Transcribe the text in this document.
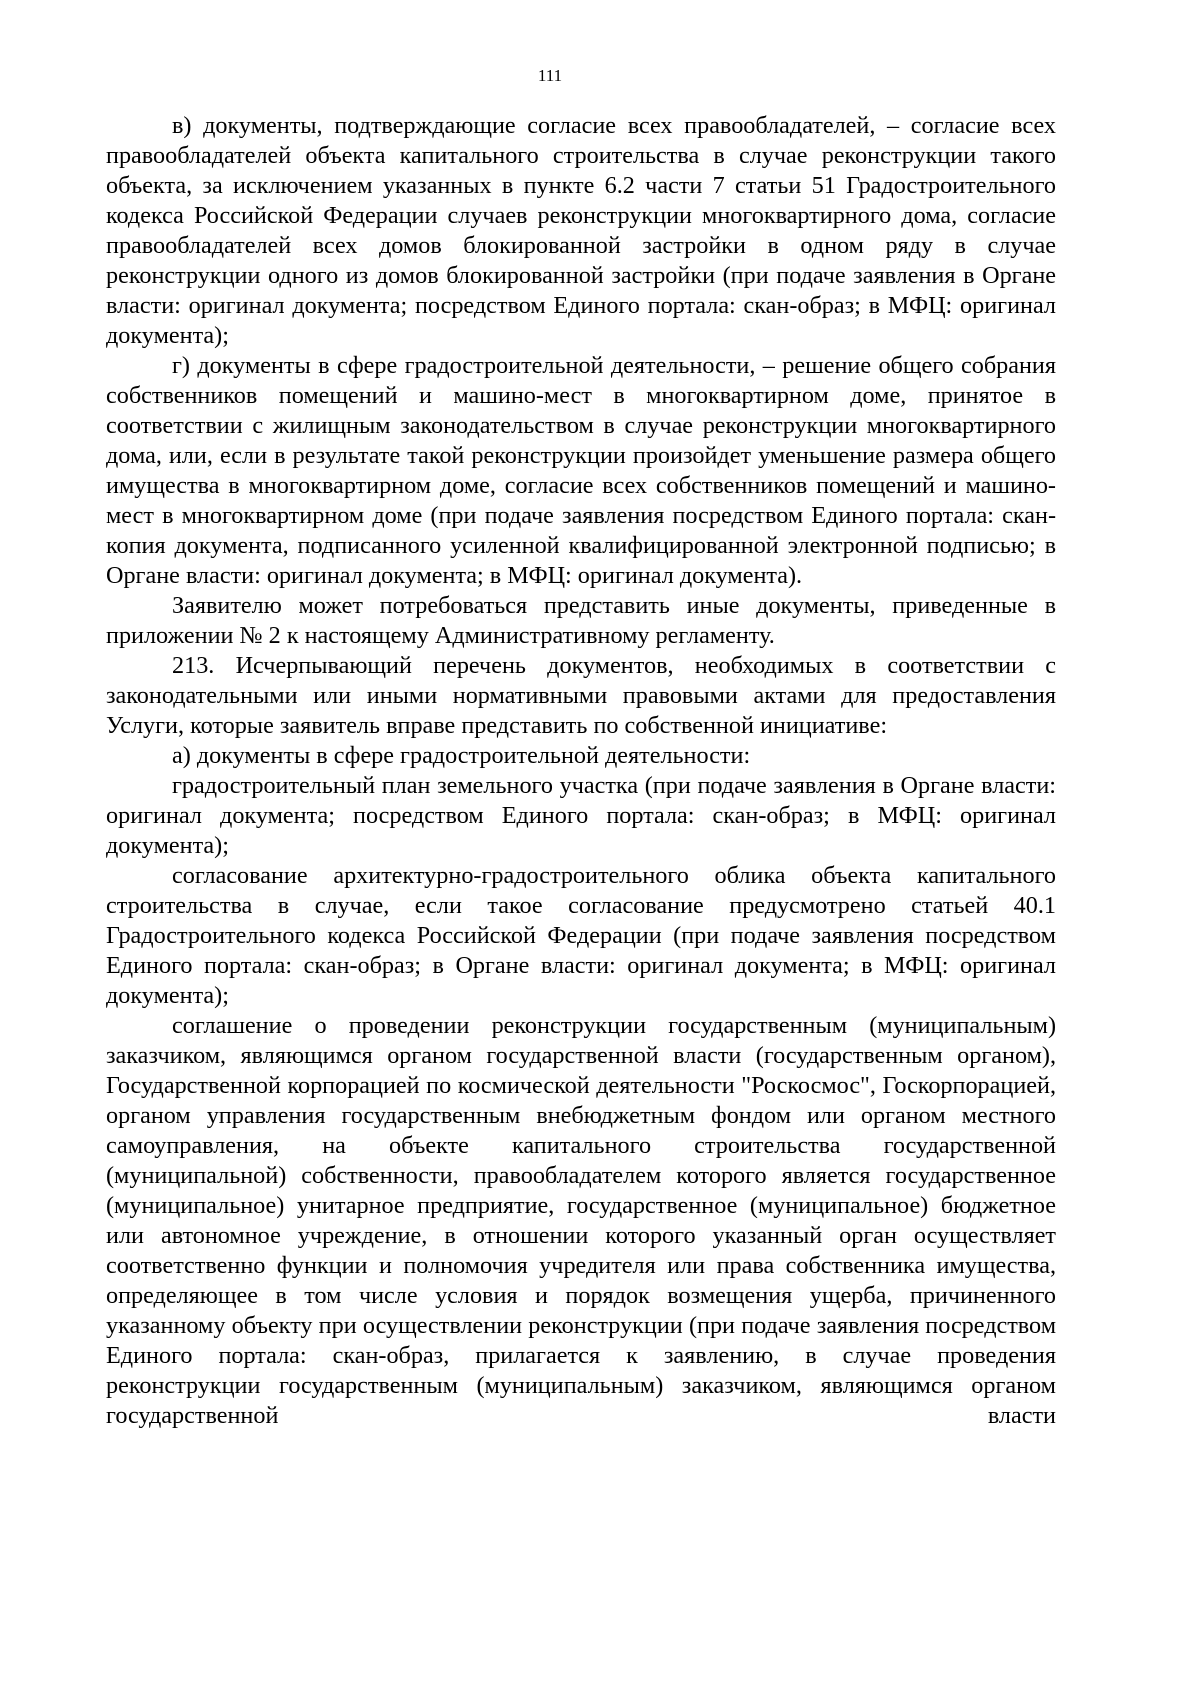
111

в) документы, подтверждающие согласие всех правообладателей, – согласие всех правообладателей объекта капитального строительства в случае реконструкции такого объекта, за исключением указанных в пункте 6.2 части 7 статьи 51 Градостроительного кодекса Российской Федерации случаев реконструкции многоквартирного дома, согласие правообладателей всех домов блокированной застройки в одном ряду в случае реконструкции одного из домов блокированной застройки (при подаче заявления в Органе власти: оригинал документа; посредством Единого портала: скан-образ; в МФЦ: оригинал документа);

г) документы в сфере градостроительной деятельности, – решение общего собрания собственников помещений и машино-мест в многоквартирном доме, принятое в соответствии с жилищным законодательством в случае реконструкции многоквартирного дома, или, если в результате такой реконструкции произойдет уменьшение размера общего имущества в многоквартирном доме, согласие всех собственников помещений и машино-мест в многоквартирном доме (при подаче заявления посредством Единого портала: скан-копия документа, подписанного усиленной квалифицированной электронной подписью; в Органе власти: оригинал документа; в МФЦ: оригинал документа).

Заявителю может потребоваться представить иные документы, приведенные в приложении № 2 к настоящему Административному регламенту.

213. Исчерпывающий перечень документов, необходимых в соответствии с законодательными или иными нормативными правовыми актами для предоставления Услуги, которые заявитель вправе представить по собственной инициативе:

а) документы в сфере градостроительной деятельности:

градостроительный план земельного участка (при подаче заявления в Органе власти: оригинал документа; посредством Единого портала: скан-образ; в МФЦ: оригинал документа);

согласование архитектурно-градостроительного облика объекта капитального строительства в случае, если такое согласование предусмотрено статьей 40.1 Градостроительного кодекса Российской Федерации (при подаче заявления посредством Единого портала: скан-образ; в Органе власти: оригинал документа; в МФЦ: оригинал документа);

соглашение о проведении реконструкции государственным (муниципальным) заказчиком, являющимся органом государственной власти (государственным органом), Государственной корпорацией по космической деятельности "Роскосмос", Госкорпорацией, органом управления государственным внебюджетным фондом или органом местного самоуправления, на объекте капитального строительства государственной (муниципальной) собственности, правообладателем которого является государственное (муниципальное) унитарное предприятие, государственное (муниципальное) бюджетное или автономное учреждение, в отношении которого указанный орган осуществляет соответственно функции и полномочия учредителя или права собственника имущества, определяющее в том числе условия и порядок возмещения ущерба, причиненного указанному объекту при осуществлении реконструкции (при подаче заявления посредством Единого портала: скан-образ, прилагается к заявлению, в случае проведения реконструкции государственным (муниципальным) заказчиком, являющимся органом государственной власти
